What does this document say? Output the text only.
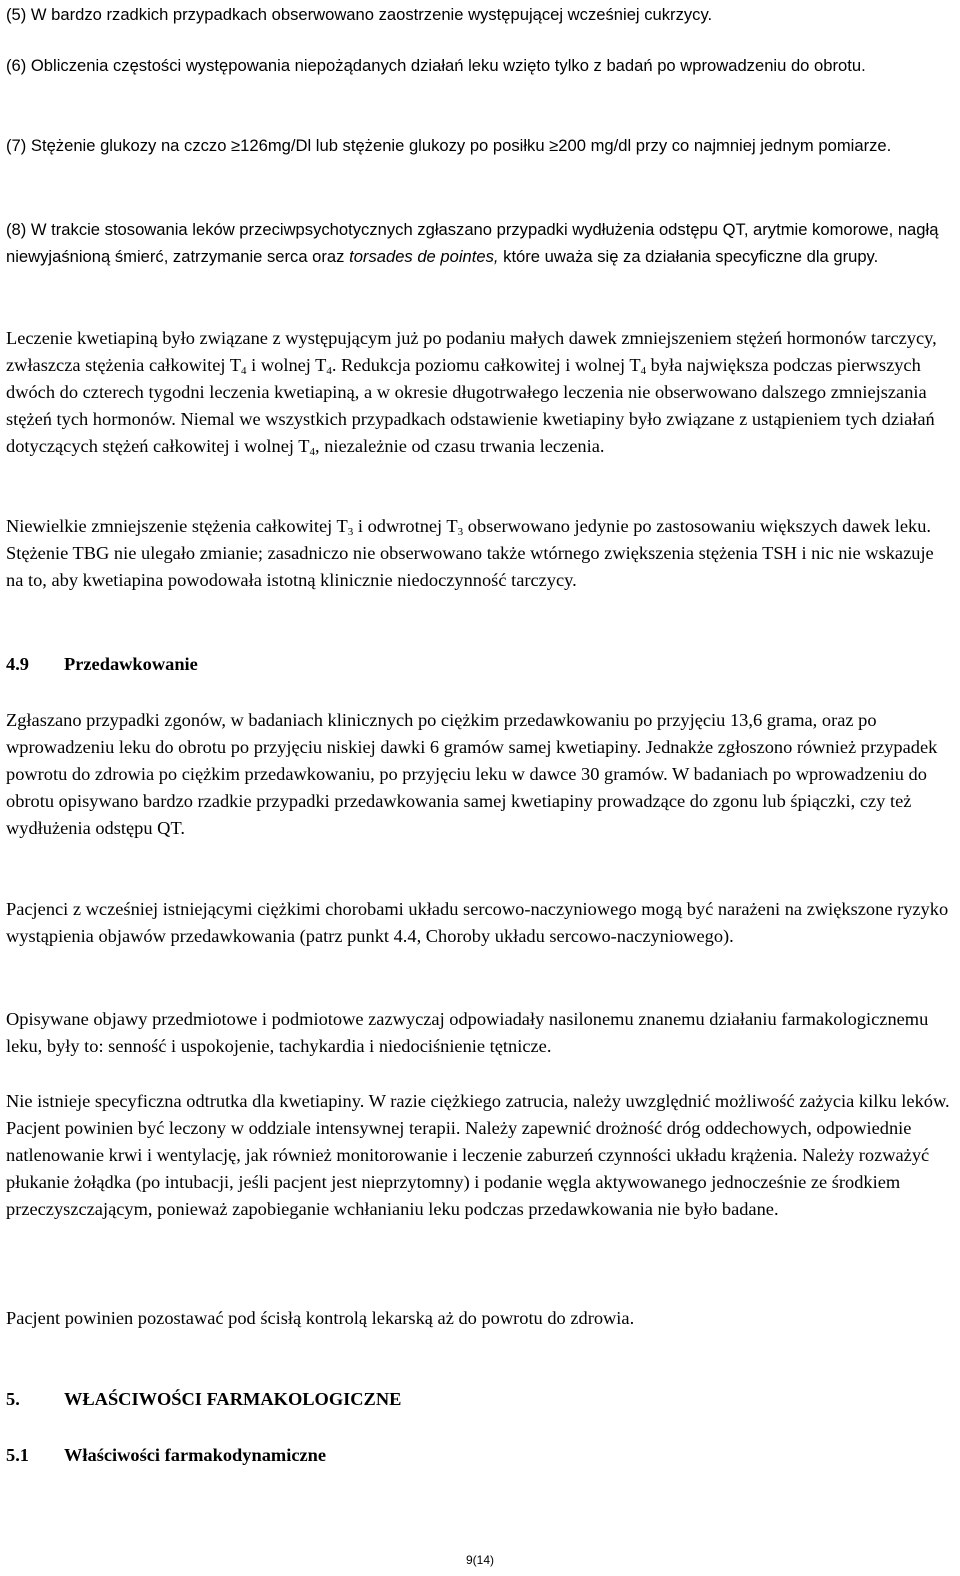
(5) W bardzo rzadkich przypadkach obserwowano zaostrzenie występującej wcześniej cukrzycy.

(6) Obliczenia częstości występowania niepożądanych działań leku wzięto tylko z badań po wprowadzeniu do obrotu.

(7) Stężenie glukozy na czczo ≥126mg/Dl lub stężenie glukozy po posiłku ≥200 mg/dl przy co najmniej jednym pomiarze.

(8) W trakcie stosowania leków przeciwpsychotycznych zgłaszano przypadki wydłużenia odstępu QT, arytmie komorowe, nagłą niewyjaśnioną śmierć, zatrzymanie serca oraz torsades de pointes, które uważa się za działania specyficzne dla grupy.

Leczenie kwetiapiną było związane z występującym już po podaniu małych dawek zmniejszeniem stężeń hormonów tarczycy, zwłaszcza stężenia całkowitej $T_4$ i wolnej $T_4$. Redukcja poziomu całkowitej i wolnej $T_4$ była największa podczas pierwszych dwóch do czterech tygodni leczenia kwetiapiną, a w okresie długotrwałego leczenia nie obserwowano dalszego zmniejszania stężeń tych hormonów. Niemal we wszystkich przypadkach odstawienie kwetiapiny było związane z ustąpieniem tych działań dotyczących stężeń całkowitej i wolnej $T_4$, niezależnie od czasu trwania leczenia.

Niewielkie zmniejszenie stężenia całkowitej $T_3$ i odwrotnej $T_3$ obserwowano jedynie po zastosowaniu większych dawek leku. Stężenie TBG nie ulegało zmianie; zasadniczo nie obserwowano także wtórnego zwiększenia stężenia TSH i nic nie wskazuje na to, aby kwetiapina powodowała istotną klinicznie niedoczynność tarczycy.

4.9 Przedawkowanie

Zgłaszano przypadki zgonów, w badaniach klinicznych po ciężkim przedawkowaniu po przyjęciu 13,6 grama, oraz po wprowadzeniu leku do obrotu po przyjęciu niskiej dawki 6 gramów samej kwetiapiny. Jednakże zgłoszono również przypadek powrotu do zdrowia po ciężkim przedawkowaniu, po przyjęciu leku w dawce 30 gramów. W badaniach po wprowadzeniu do obrotu opisywano bardzo rzadkie przypadki przedawkowania samej kwetiapiny prowadzące do zgonu lub śpiączki, czy też wydłużenia odstępu QT.

Pacjenci z wcześniej istniejącymi ciężkimi chorobami układu sercowo-naczyniowego mogą być narażeni na zwiększone ryzyko wystąpienia objawów przedawkowania (patrz punkt 4.4, Choroby układu sercowo-naczyniowego).

Opisywane objawy przedmiotowe i podmiotowe zazwyczaj odpowiadały nasilonemu znanemu działaniu farmakologicznemu leku, były to: senność i uspokojenie, tachykardia i niedociśnienie tętnicze.

Nie istnieje specyficzna odtrutka dla kwetiapiny. W razie ciężkiego zatrucia, należy uwzględnić możliwość zażycia kilku leków. Pacjent powinien być leczony w oddziale intensywnej terapii. Należy zapewnić drożność dróg oddechowych, odpowiednie natlenowanie krwi i wentylację, jak również monitorowanie i leczenie zaburzeń czynności układu krążenia. Należy rozważyć płukanie żołądka (po intubacji, jeśli pacjent jest nieprzytomny) i podanie węgla aktywowanego jednocześnie ze środkiem przeczyszczającym, ponieważ zapobieganie wchłanianiu leku podczas przedawkowania nie było badane.

Pacjent powinien pozostawać pod ścisłą kontrolą lekarską aż do powrotu do zdrowia.

5. WŁAŚCIWOŚCI FARMAKOLOGICZNE

5.1 Właściwości farmakodynamiczne

9(14)
